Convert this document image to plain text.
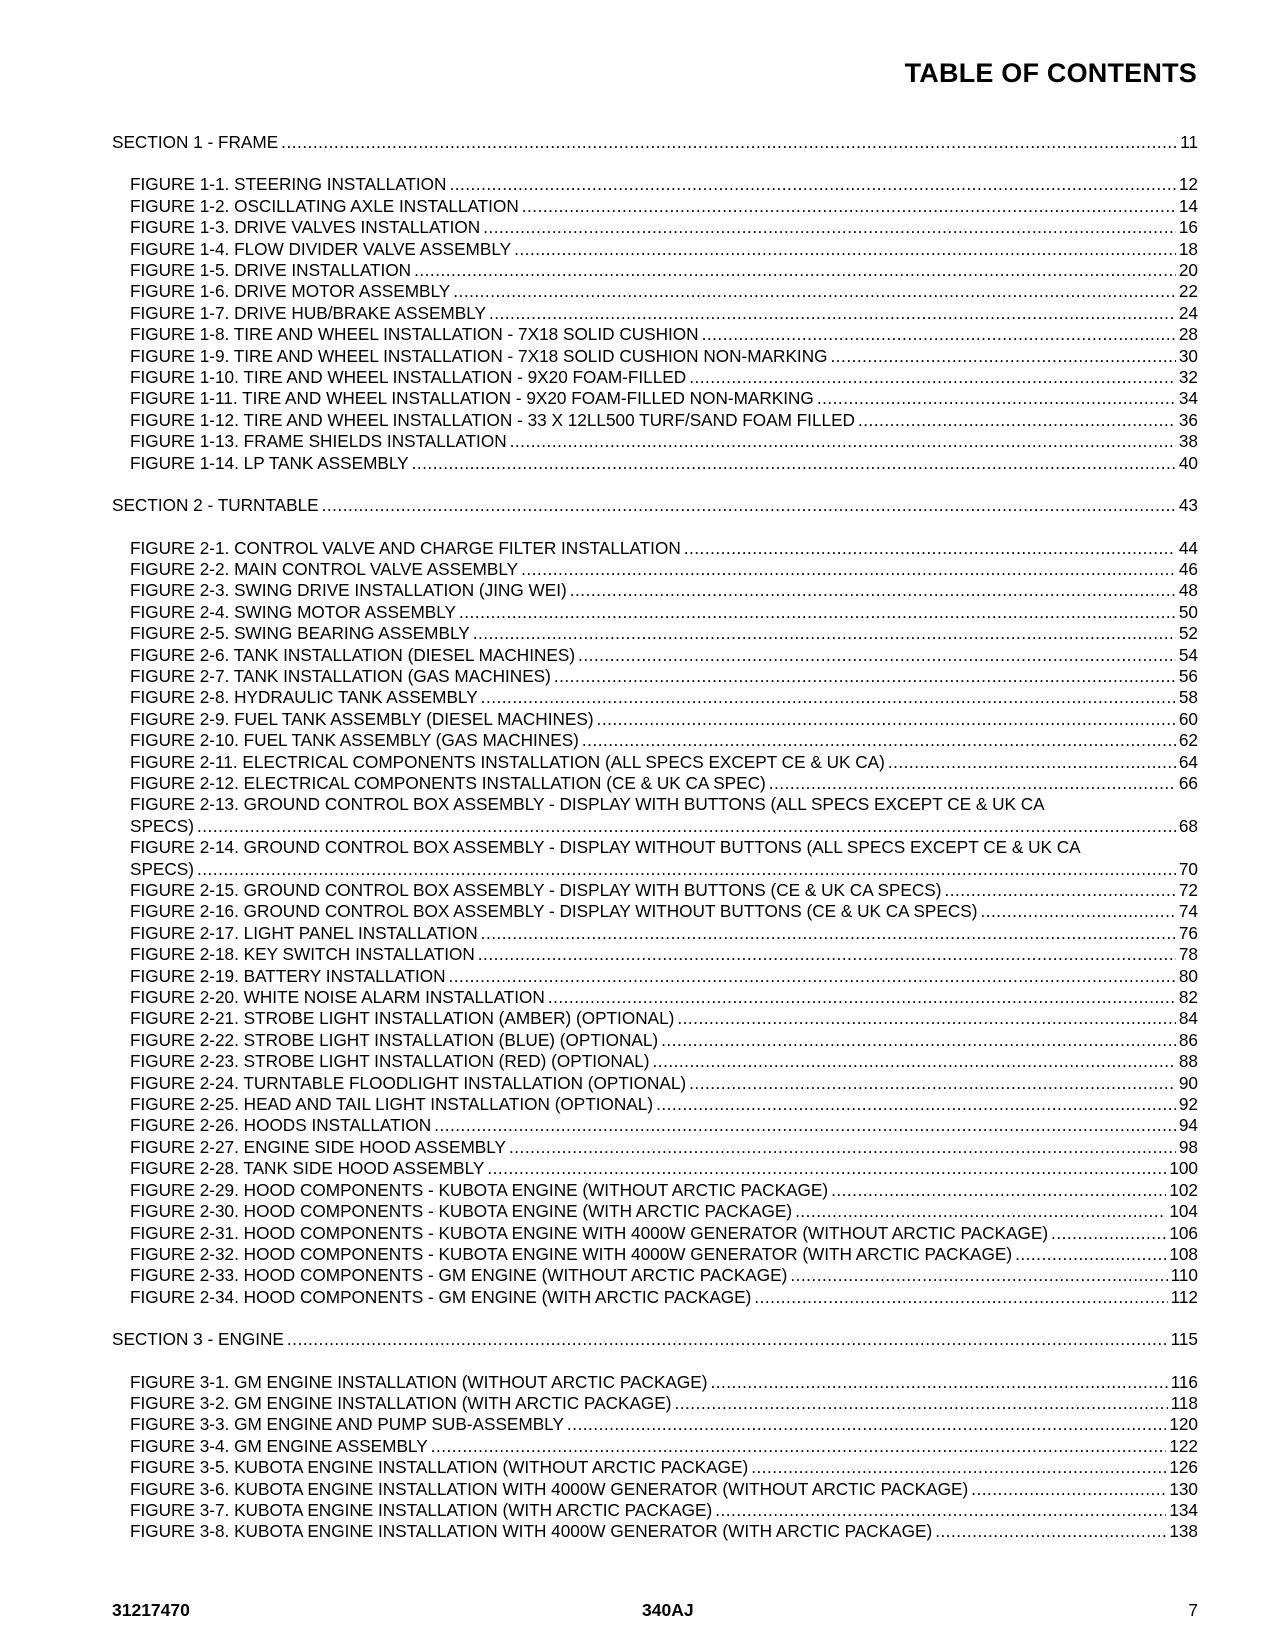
TABLE OF CONTENTS
SECTION 1 - FRAME .....	11
FIGURE 1-1. STEERING INSTALLATION .....	12
FIGURE 1-2. OSCILLATING AXLE INSTALLATION .....	14
FIGURE 1-3. DRIVE VALVES INSTALLATION .....	16
FIGURE 1-4. FLOW DIVIDER VALVE ASSEMBLY .....	18
FIGURE 1-5. DRIVE INSTALLATION .....	20
FIGURE 1-6. DRIVE MOTOR ASSEMBLY .....	22
FIGURE 1-7. DRIVE HUB/BRAKE ASSEMBLY .....	24
FIGURE 1-8. TIRE AND WHEEL INSTALLATION - 7X18 SOLID CUSHION .....	28
FIGURE 1-9. TIRE AND WHEEL INSTALLATION - 7X18 SOLID CUSHION NON-MARKING .....	30
FIGURE 1-10. TIRE AND WHEEL INSTALLATION - 9X20 FOAM-FILLED .....	32
FIGURE 1-11. TIRE AND WHEEL INSTALLATION - 9X20 FOAM-FILLED NON-MARKING .....	34
FIGURE 1-12. TIRE AND WHEEL INSTALLATION - 33 X 12LL500 TURF/SAND FOAM FILLED .....	36
FIGURE 1-13. FRAME SHIELDS INSTALLATION .....	38
FIGURE 1-14. LP TANK ASSEMBLY .....	40
SECTION 2 - TURNTABLE .....	43
FIGURE 2-1. CONTROL VALVE AND CHARGE FILTER INSTALLATION .....	44
FIGURE 2-2. MAIN CONTROL VALVE ASSEMBLY .....	46
FIGURE 2-3. SWING DRIVE INSTALLATION (JING WEI) .....	48
FIGURE 2-4. SWING MOTOR ASSEMBLY .....	50
FIGURE 2-5. SWING BEARING ASSEMBLY .....	52
FIGURE 2-6. TANK INSTALLATION (DIESEL MACHINES) .....	54
FIGURE 2-7. TANK INSTALLATION (GAS MACHINES) .....	56
FIGURE 2-8. HYDRAULIC TANK ASSEMBLY .....	58
FIGURE 2-9. FUEL TANK ASSEMBLY (DIESEL MACHINES) .....	60
FIGURE 2-10. FUEL TANK ASSEMBLY (GAS MACHINES) .....	62
FIGURE 2-11. ELECTRICAL COMPONENTS INSTALLATION (ALL SPECS EXCEPT CE & UK CA) .....	64
FIGURE 2-12. ELECTRICAL COMPONENTS INSTALLATION (CE & UK CA SPEC) .....	66
FIGURE 2-13. GROUND CONTROL BOX ASSEMBLY - DISPLAY WITH BUTTONS (ALL SPECS EXCEPT CE & UK CA
SPECS) .....	68
FIGURE 2-14. GROUND CONTROL BOX ASSEMBLY - DISPLAY WITHOUT BUTTONS (ALL SPECS EXCEPT CE & UK CA
SPECS) .....	70
FIGURE 2-15. GROUND CONTROL BOX ASSEMBLY - DISPLAY WITH BUTTONS (CE & UK CA SPECS) .....	72
FIGURE 2-16. GROUND CONTROL BOX ASSEMBLY - DISPLAY WITHOUT BUTTONS (CE & UK CA SPECS) .....	74
FIGURE 2-17. LIGHT PANEL INSTALLATION .....	76
FIGURE 2-18. KEY SWITCH INSTALLATION .....	78
FIGURE 2-19. BATTERY INSTALLATION .....	80
FIGURE 2-20. WHITE NOISE ALARM INSTALLATION .....	82
FIGURE 2-21. STROBE LIGHT INSTALLATION (AMBER) (OPTIONAL) .....	84
FIGURE 2-22. STROBE LIGHT INSTALLATION (BLUE) (OPTIONAL) .....	86
FIGURE 2-23. STROBE LIGHT INSTALLATION (RED) (OPTIONAL) .....	88
FIGURE 2-24. TURNTABLE FLOODLIGHT INSTALLATION (OPTIONAL) .....	90
FIGURE 2-25. HEAD AND TAIL LIGHT INSTALLATION (OPTIONAL) .....	92
FIGURE 2-26. HOODS INSTALLATION .....	94
FIGURE 2-27. ENGINE SIDE HOOD ASSEMBLY .....	98
FIGURE 2-28. TANK SIDE HOOD ASSEMBLY .....	100
FIGURE 2-29. HOOD COMPONENTS - KUBOTA ENGINE (WITHOUT ARCTIC PACKAGE) .....	102
FIGURE 2-30. HOOD COMPONENTS - KUBOTA ENGINE (WITH ARCTIC PACKAGE) .....	104
FIGURE 2-31. HOOD COMPONENTS - KUBOTA ENGINE WITH 4000W GENERATOR (WITHOUT ARCTIC PACKAGE) .....	106
FIGURE 2-32. HOOD COMPONENTS - KUBOTA ENGINE WITH 4000W GENERATOR (WITH ARCTIC PACKAGE) .....	108
FIGURE 2-33. HOOD COMPONENTS - GM ENGINE (WITHOUT ARCTIC PACKAGE) .....	110
FIGURE 2-34. HOOD COMPONENTS - GM ENGINE (WITH ARCTIC PACKAGE) .....	112
SECTION 3 - ENGINE .....	115
FIGURE 3-1. GM ENGINE INSTALLATION (WITHOUT ARCTIC PACKAGE) .....	116
FIGURE 3-2. GM ENGINE INSTALLATION (WITH ARCTIC PACKAGE) .....	118
FIGURE 3-3. GM ENGINE AND PUMP SUB-ASSEMBLY .....	120
FIGURE 3-4. GM ENGINE ASSEMBLY .....	122
FIGURE 3-5. KUBOTA ENGINE INSTALLATION (WITHOUT ARCTIC PACKAGE) .....	126
FIGURE 3-6. KUBOTA ENGINE INSTALLATION WITH 4000W GENERATOR (WITHOUT ARCTIC PACKAGE) .....	130
FIGURE 3-7. KUBOTA ENGINE INSTALLATION (WITH ARCTIC PACKAGE) .....	134
FIGURE 3-8. KUBOTA ENGINE INSTALLATION WITH 4000W GENERATOR (WITH ARCTIC PACKAGE) .....	138
31217470	340AJ	7
